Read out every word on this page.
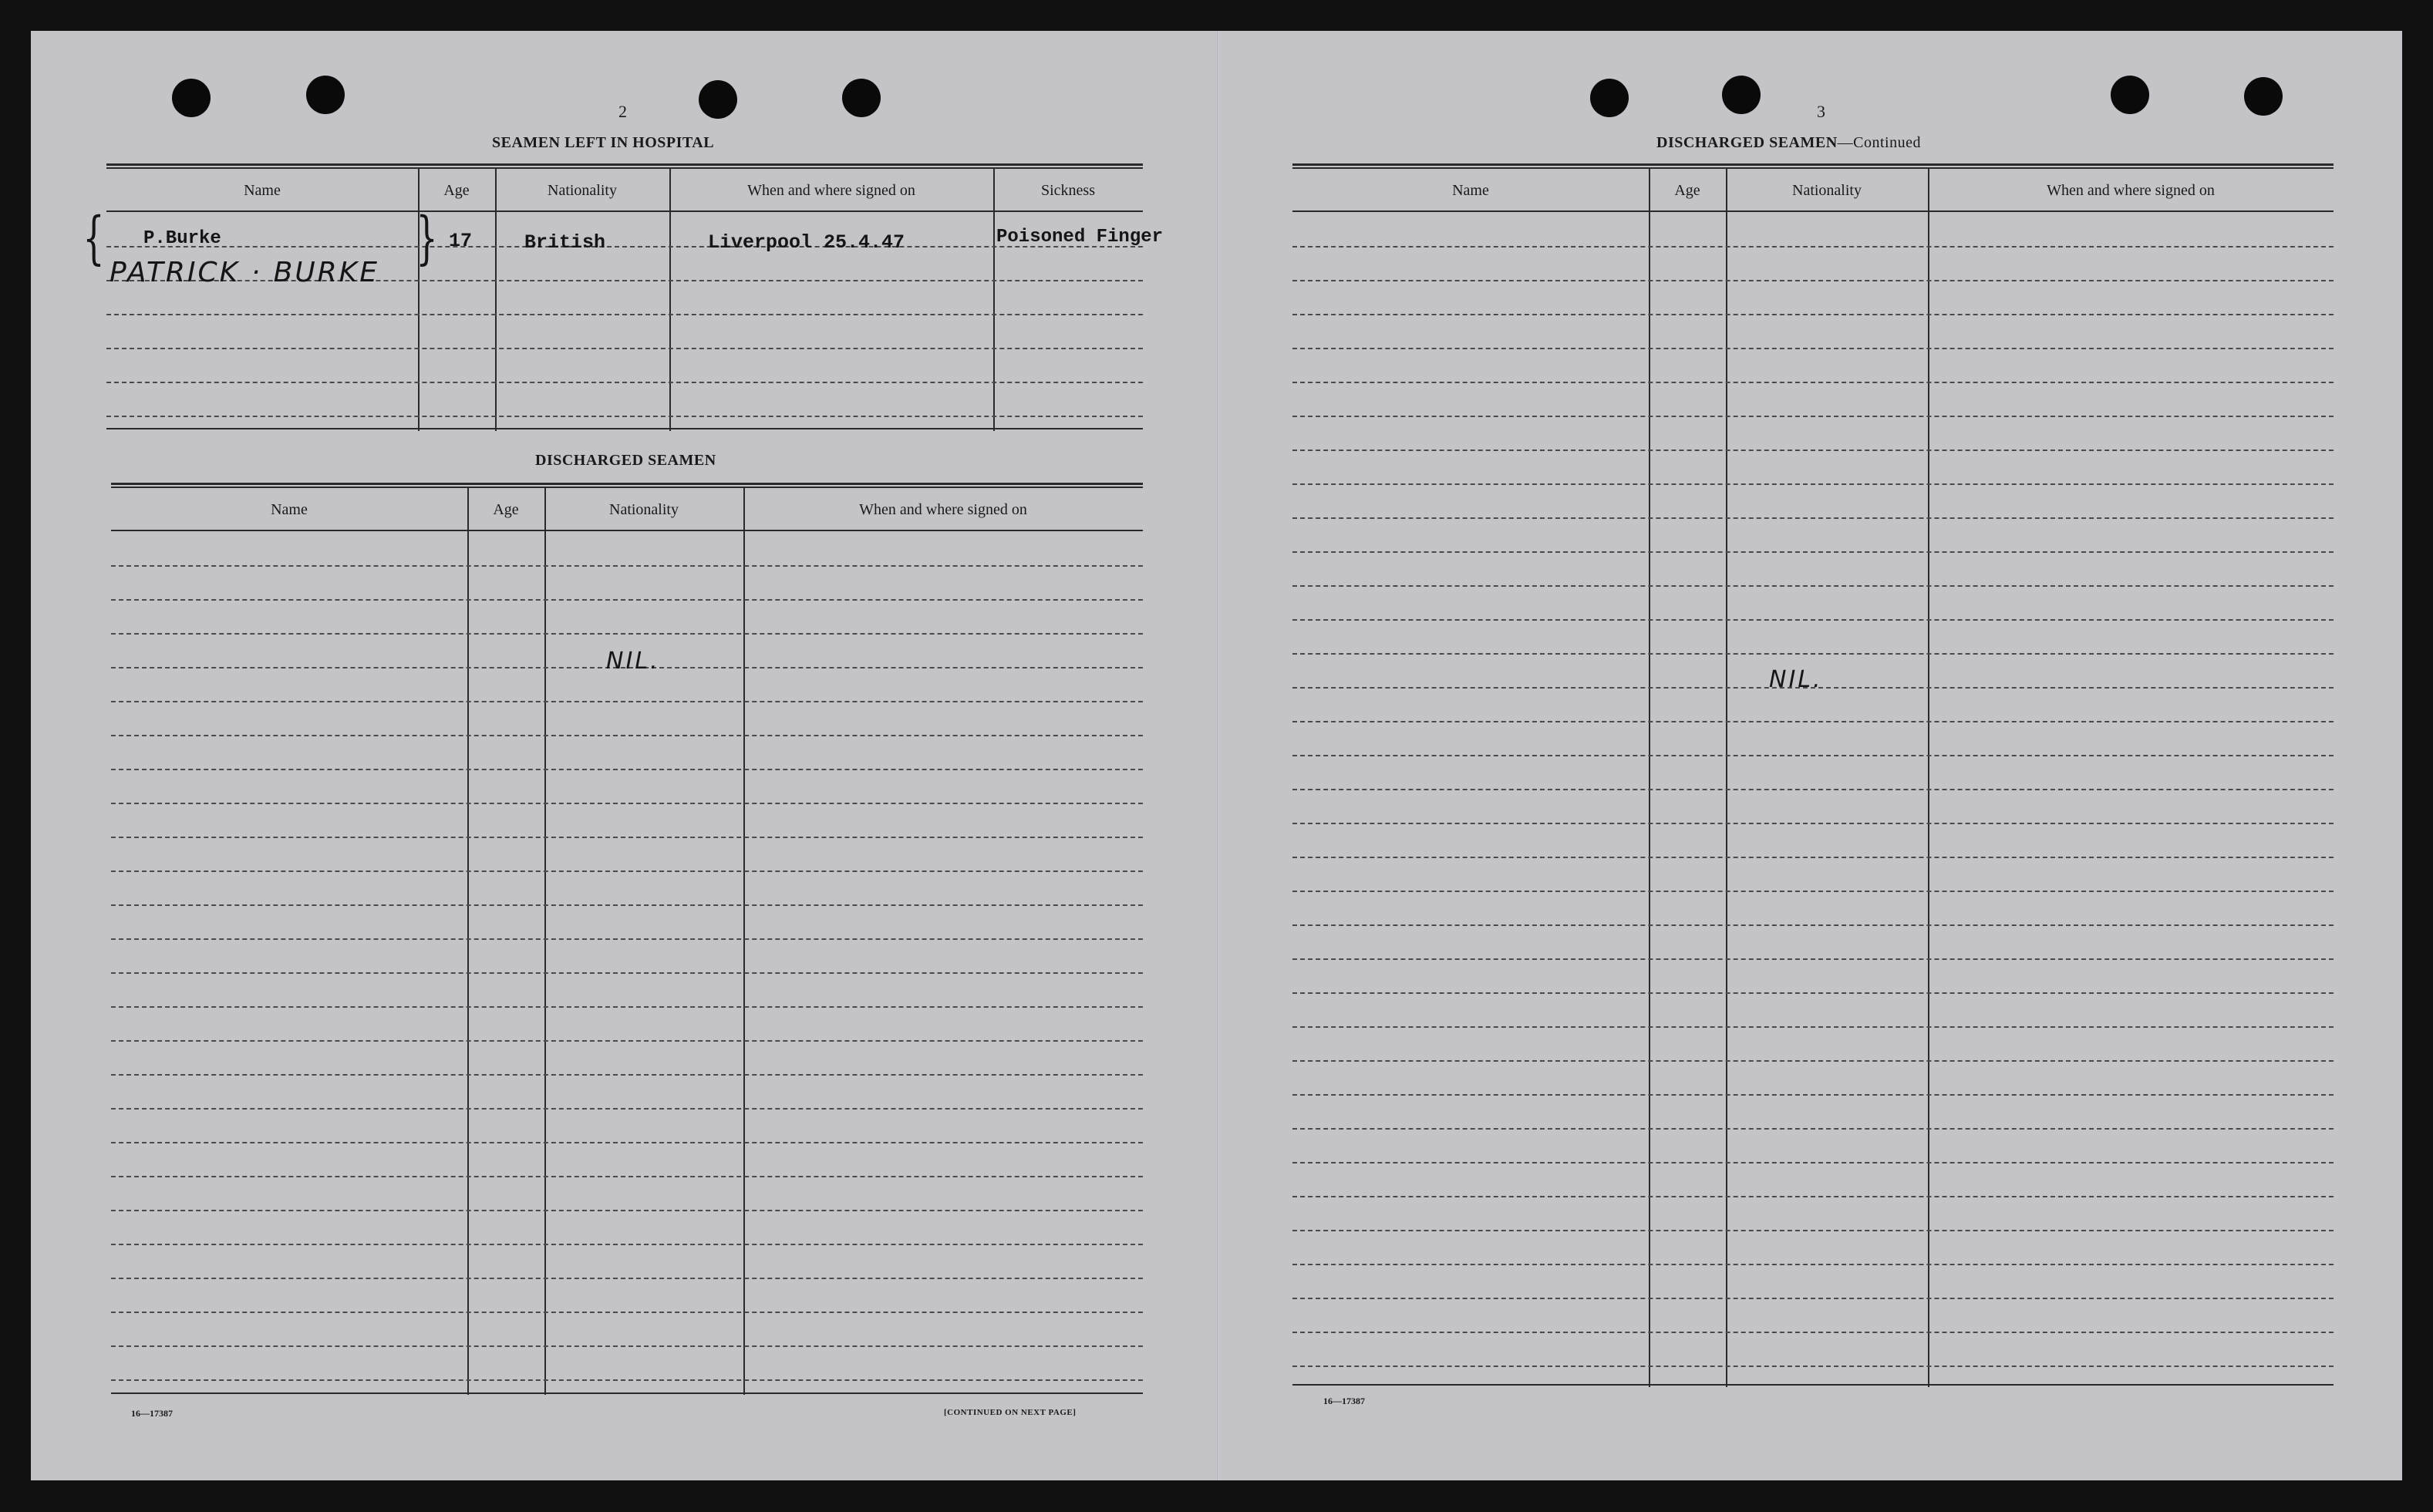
2
SEAMEN LEFT IN HOSPITAL
Name	Age	Nationality	When and where signed on	Sickness
{ P.Burke
PATRICK · BURKE
} 17	British	Liverpool 25.4.47	Poisoned Finger
DISCHARGED SEAMEN
Name	Age	Nationality	When and where signed on
NIL.
16—17387	[CONTINUED ON NEXT PAGE]
3
DISCHARGED SEAMEN—Continued
Name	Age	Nationality	When and where signed on
NIL.
16—17387
